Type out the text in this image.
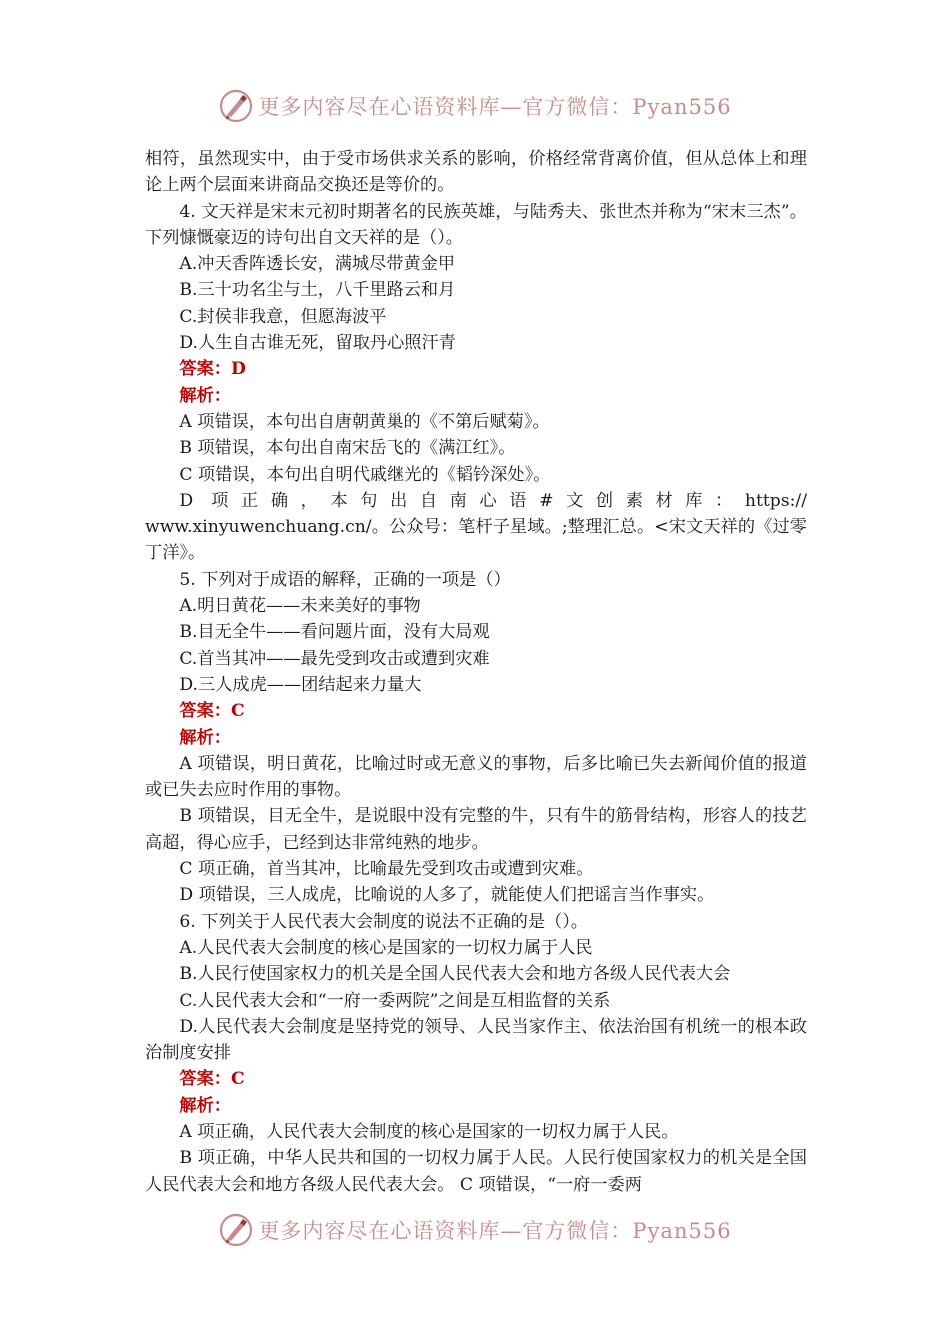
更多内容尽在心语资料库—官方微信：Pyan556

相符，虽然现实中，由于受市场供求关系的影响，价格经常背离价值，但从总体上和理论上两个层面来讲商品交换还是等价的。

4. 文天祥是宋末元初时期著名的民族英雄，与陆秀夫、张世杰并称为“宋末三杰”。下列慷慨豪迈的诗句出自文天祥的是（）。

A.冲天香阵透长安，满城尽带黄金甲

B.三十功名尘与土，八千里路云和月

C.封侯非我意，但愿海波平

D.人生自古谁无死，留取丹心照汗青

答案：D

解析：

A 项错误，本句出自唐朝黄巢的《不第后赋菊》。

B 项错误，本句出自南宋岳飞的《满江红》。

C 项错误，本句出自明代戚继光的《韬钤深处》。

D 项正确，本句出自南心语#文创素材库：https://

www.xinyuwenchuang.cn/。公众号：笔杆子星域。;整理汇总。<宋文天祥的《过零丁洋》。

5. 下列对于成语的解释，正确的一项是（）

A.明日黄花——未来美好的事物

B.目无全牛——看问题片面，没有大局观

C.首当其冲——最先受到攻击或遭到灾难

D.三人成虎——团结起来力量大

答案：C

解析：

A 项错误，明日黄花，比喻过时或无意义的事物，后多比喻已失去新闻价值的报道或已失去应时作用的事物。

B 项错误，目无全牛，是说眼中没有完整的牛，只有牛的筋骨结构，形容人的技艺高超，得心应手，已经到达非常纯熟的地步。

C 项正确，首当其冲，比喻最先受到攻击或遭到灾难。

D 项错误，三人成虎，比喻说的人多了，就能使人们把谣言当作事实。

6. 下列关于人民代表大会制度的说法不正确的是（）。

A.人民代表大会制度的核心是国家的一切权力属于人民

B.人民行使国家权力的机关是全国人民代表大会和地方各级人民代表大会

C.人民代表大会和“一府一委两院”之间是互相监督的关系

D.人民代表大会制度是坚持党的领导、人民当家作主、依法治国有机统一的根本政治制度安排

答案：C

解析：

A 项正确，人民代表大会制度的核心是国家的一切权力属于人民。

B 项正确，中华人民共和国的一切权力属于人民。人民行使国家权力的机关是全国人民代表大会和地方各级人民代表大会。 C 项错误，“一府一委两

更多内容尽在心语资料库—官方微信：Pyan556
